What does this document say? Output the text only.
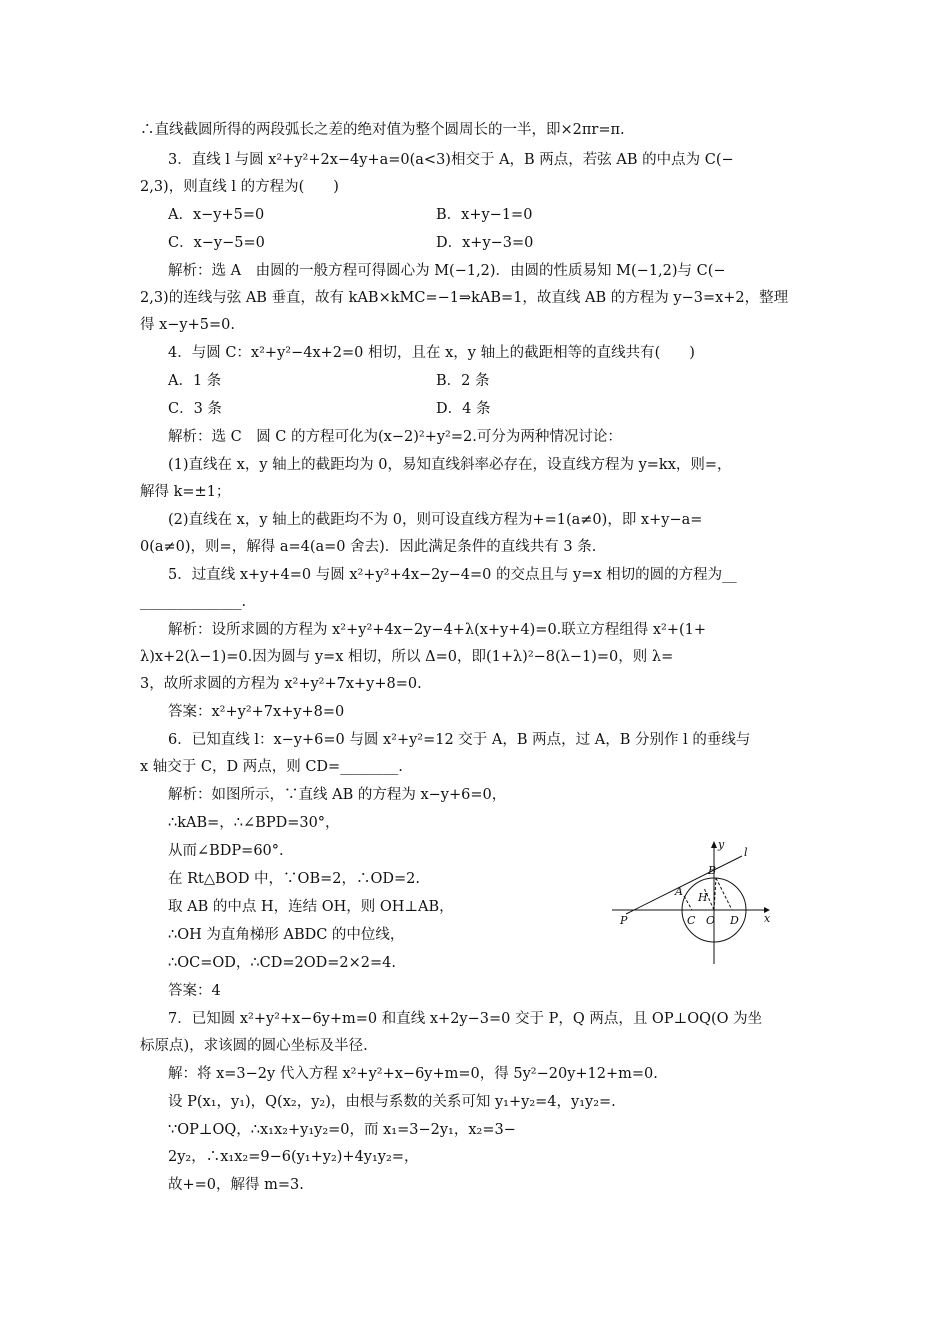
∴直线截圆所得的两段弧长之差的绝对值为整个圆周长的一半，即×2πr=π.
3．直线 l 与圆 x²+y²+2x−4y+a=0(a<3)相交于 A，B 两点，若弦 AB 的中点为 C(−
2,3)，则直线 l 的方程为(　　)
A．x−y+5=0	B．x+y−1=0
C．x−y−5=0	D．x+y−3=0
解析：选 A　由圆的一般方程可得圆心为 M(−1,2)．由圆的性质易知 M(−1,2)与 C(−
2,3)的连线与弦 AB 垂直，故有 kAB×kMC=−1⇒kAB=1，故直线 AB 的方程为 y−3=x+2，整理
得 x−y+5=0.
4．与圆 C：x²+y²−4x+2=0 相切，且在 x，y 轴上的截距相等的直线共有(　　)
A．1 条	B．2 条
C．3 条	D．4 条
解析：选 C　圆 C 的方程可化为(x−2)²+y²=2.可分为两种情况讨论：
(1)直线在 x，y 轴上的截距均为 0，易知直线斜率必存在，设直线方程为 y=kx，则=，
解得 k=±1；
(2)直线在 x，y 轴上的截距均不为 0，则可设直线方程为+=1(a≠0)，即 x+y−a=
0(a≠0)，则=，解得 a=4(a=0 舍去)．因此满足条件的直线共有 3 条.
5．过直线 x+y+4=0 与圆 x²+y²+4x−2y−4=0 的交点且与 y=x 相切的圆的方程为__
______________.
解析：设所求圆的方程为 x²+y²+4x−2y−4+λ(x+y+4)=0.联立方程组得 x²+(1+
λ)x+2(λ−1)=0.因为圆与 y=x 相切，所以 Δ=0，即(1+λ)²−8(λ−1)=0，则 λ=
3，故所求圆的方程为 x²+y²+7x+y+8=0.
答案：x²+y²+7x+y+8=0
6．已知直线 l：x−y+6=0 与圆 x²+y²=12 交于 A，B 两点，过 A，B 分别作 l 的垂线与
x 轴交于 C，D 两点，则 CD=________.
解析：如图所示，∵直线 AB 的方程为 x−y+6=0，
∴kAB=，∴∠BPD=30°，
从而∠BDP=60°.
在 Rt△BOD 中，∵OB=2，∴OD=2.
取 AB 的中点 H，连结 OH，则 OH⊥AB，
∴OH 为直角梯形 ABDC 的中位线，
∴OC=OD，∴CD=2OD=2×2=4.
答案：4
7．已知圆 x²+y²+x−6y+m=0 和直线 x+2y−3=0 交于 P，Q 两点，且 OP⊥OQ(O 为坐
标原点)，求该圆的圆心坐标及半径.
解：将 x=3−2y 代入方程 x²+y²+x−6y+m=0，得 5y²−20y+12+m=0.
设 P(x₁，y₁)，Q(x₂，y₂)，由根与系数的关系可知 y₁+y₂=4，y₁y₂=.
∵OP⊥OQ，∴x₁x₂+y₁y₂=0，而 x₁=3−2y₁，x₂=3−
2y₂，∴x₁x₂=9−6(y₁+y₂)+4y₁y₂=，
故+=0，解得 m=3.
B
A H
P	C O D x
y
l
